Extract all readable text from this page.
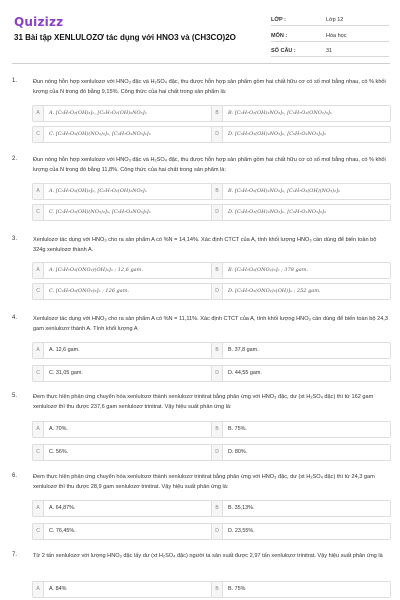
Quizizz
31 Bài tập XENLULOZƠ tác dụng với HNO3 và (CH3CO)2O
LỚP :	Lớp 12
MÔN :	Hóa học
SỐ CÂU :	31
1.	Đun nóng hỗn hợp xenlulozơ với HNO₃ đặc và H₂SO₄ đặc, thu được hỗn hợp sản phẩm gồm hai chất hữu cơ có số mol bằng nhau, có % khối lượng của N trong đó bằng 9,15%. Công thức của hai chất trong sản phẩm là:
A	A. [C₆H₇O₂(OH)₃]ₙ, [C₆H₇O₂(OH)₂NO₃]ₙ	B	B. [C₆H₇O₂(OH)₂NO₃]ₙ, [C₆H₇O₂(ONO₂)₃]ₙ
C	C. [C₆H₇O₂(OH)(NO₃)₂]ₙ, [C₆H₇O₂NO₃]₃]ₙ	D	D. [C₆H₇O₂(OH)₂NO₃]ₙ, [C₆H₇O₂NO₃]₃]ₙ
2.	Đun nóng hỗn hợp xenlulozơ với HNO₃ đặc và H₂SO₄ đặc, thu được hỗn hợp sản phẩm gồm hai chất hữu cơ có số mol bằng nhau, có % khối lượng của N trong đó bằng 11,8%. Công thức của hai chất trong sản phẩm là:
A	A. [C₆H₇O₂(OH)₃]ₙ, [C₆H₇O₂(OH)₂NO₃]ₙ	B	B. [C₆H₇O₂(OH)₂NO₃]ₙ, [C₆H₇O₂(OH)(NO₃)₂]ₙ
C	C. [C₆H₇O₂(OH)(NO₃)₂]ₙ, [C₆H₇O₂NO₃]₃]ₙ	D	D. [C₆H₇O₂(OH)₂NO₃]ₙ, [C₆H₇O₂NO₃]₃]ₙ
3.	Xenlulozơ tác dụng với HNO₃ cho ra sản phẩm A có %N = 14,14%. Xác định CTCT của A, tính khối lượng HNO₃ cần dùng để biến toàn bộ 324g xenlulozơ thành A.
A	A. [C₆H₇O₂(ONO₂)(OH)₂]ₙ ; 12,6 gam.	B	B. [C₆H₇O₂(ONO₂)₃]ₙ ; 378 gam.
C	C. [C₆H₇O₂(ONO₂)₃]ₙ ; 126 gam.	D	D. [C₆H₇O₂(ONO₂)₂(OH)]ₙ ; 252 gam.
4.	Xenlulozơ tác dụng với HNO₃ cho ra sản phẩm A có %N = 11,11%. Xác định CTCT của A, tính khối lượng HNO₃ cần dùng để biến toàn bộ 24,3 gam xenlulozơ thành A. Tính khối lượng A
A	A. 12,6 gam.	B	B. 37,8 gam.
C	C. 31,05 gam.	D	D. 44,55 gam.
5.	Đem thực hiện phản ứng chuyển hóa xenlulozơ thành xenlulozơ trinitrat bằng phản ứng với HNO₃ đặc, dư (xt H₂SO₄ đặc) thì từ 162 gam xenlulozơ thì thu được 237,6 gam xenlulozơ trinitrat. Vậy hiệu suất phản ứng là:
A	A. 70%.	B	B. 75%.
C	C. 56%.	D	D. 80%.
6.	Đem thực hiện phản ứng chuyển hóa xenlulozơ thành xenlulozơ trinitrat bằng phản ứng với HNO₃ đặc, dư (xt H₂SO₄ đặc) thì từ 24,3 gam xenlulozơ thì thu được 28,9 gam xenlulozơ trinitrat. Vậy hiệu suất phản ứng là:
A	A. 64,87%.	B	B. 35,13%.
C	C. 76,45%.	D	D. 23,55%.
7.	Từ 2 tấn xenlulozơ với lượng HNO₃ đặc lấy dư (xt H₂SO₄ đặc) người ta sản xuất được 2,97 tấn xenlulozơ trinitrat. Vậy hiệu suất phản ứng là
A	A. 84%	B	B. 75%
